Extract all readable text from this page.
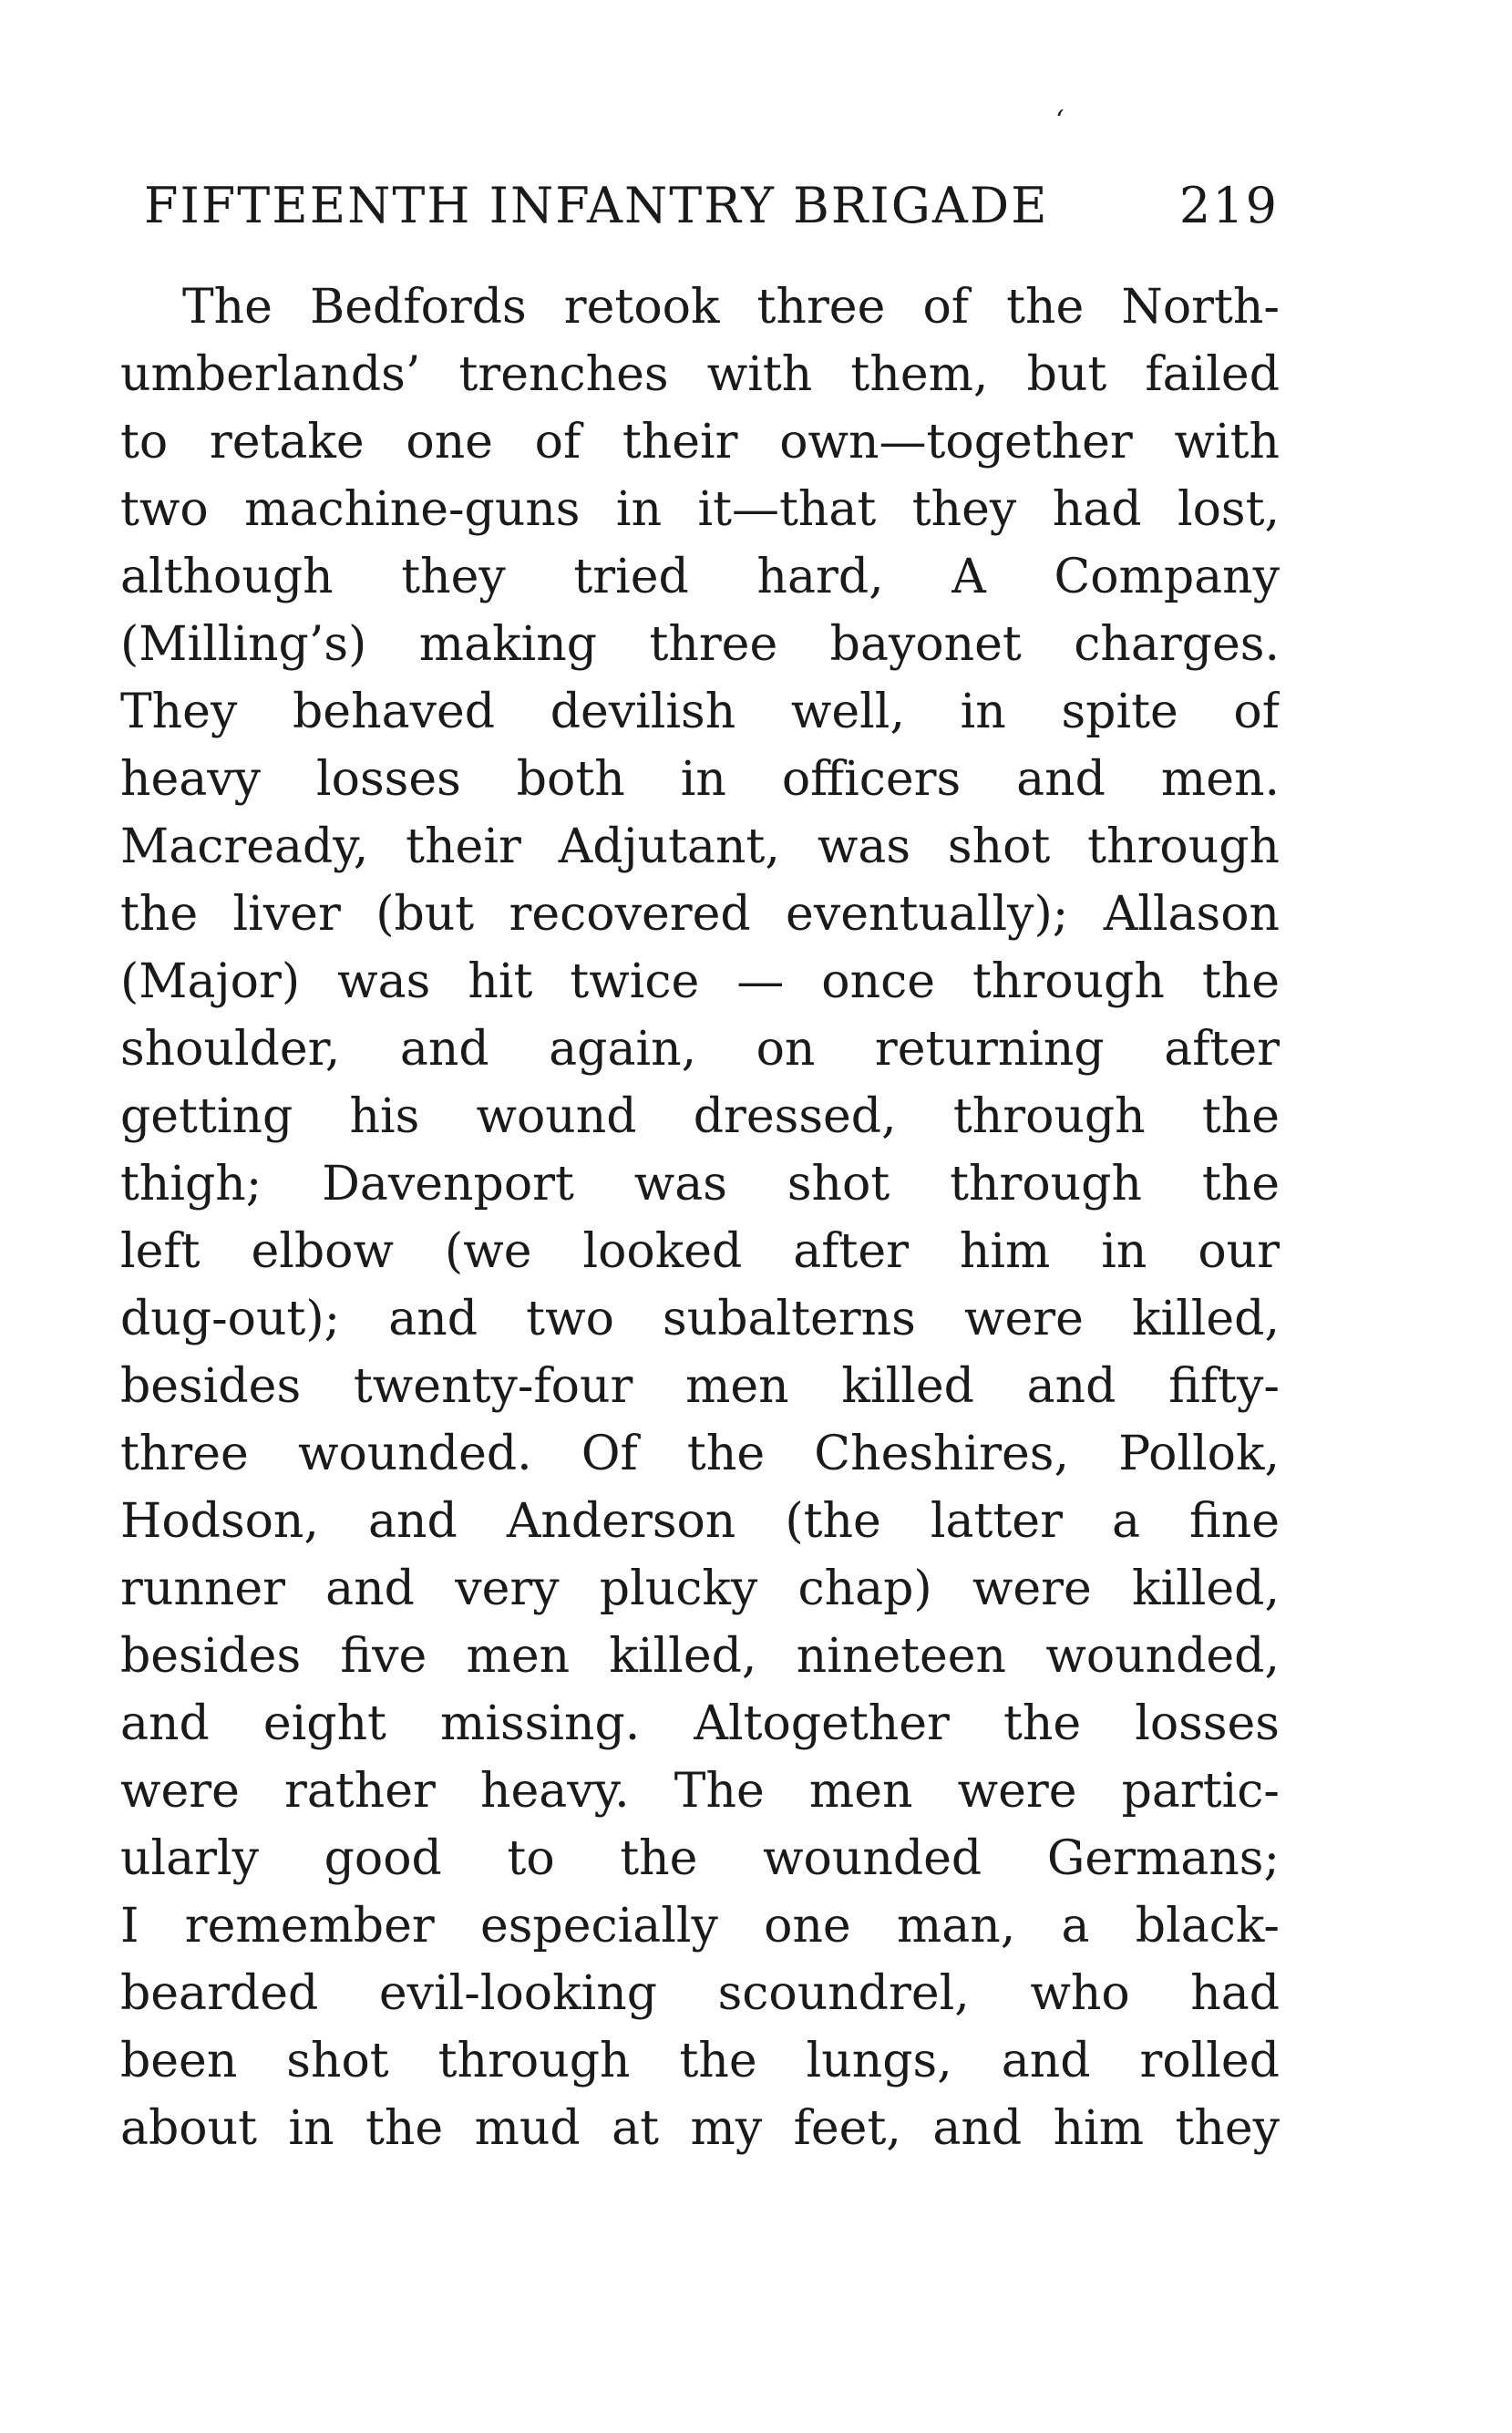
‘
FIFTEENTH INFANTRY BRIGADE	219
The Bedfords retook three of the North-
umberlands’ trenches with them, but failed
to retake one of their own—together with
two machine-guns in it—that they had lost,
although they tried hard, A Company
(Milling’s) making three bayonet charges.
They behaved devilish well, in spite of
heavy losses both in officers and men.
Macready, their Adjutant, was shot through
the liver (but recovered eventually); Allason
(Major) was hit twice — once through the
shoulder, and again, on returning after
getting his wound dressed, through the
thigh; Davenport was shot through the
left elbow (we looked after him in our
dug-out); and two subalterns were killed,
besides twenty-four men killed and fifty-
three wounded. Of the Cheshires, Pollok,
Hodson, and Anderson (the latter a fine
runner and very plucky chap) were killed,
besides five men killed, nineteen wounded,
and eight missing. Altogether the losses
were rather heavy. The men were partic-
ularly good to the wounded Germans;
I remember especially one man, a black-
bearded evil-looking scoundrel, who had
been shot through the lungs, and rolled
about in the mud at my feet, and him they
